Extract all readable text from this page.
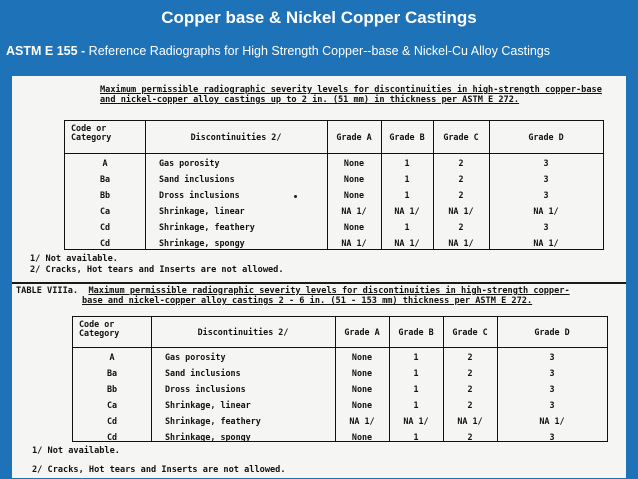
Copper base & Nickel Copper Castings
ASTM E 155 - Reference Radiographs for High Strength Copper--base & Nickel-Cu Alloy Castings
Maximum permissible radiographic severity levels for discontinuities in high-strength copper-base
and nickel-copper alloy castings up to 2 in. (51 mm) in thickness per ASTM E 272.
Code or
Category	Discontinuities 2/	Grade A	Grade B	Grade C	Grade D
A	Gas porosity	None	1	2	3
Ba	Sand inclusions	None	1	2	3
Bb	Dross inclusions	None	1	2	3
Ca	Shrinkage, linear	NA 1/	NA 1/	NA 1/	NA 1/
Cd	Shrinkage, feathery	None	1	2	3
Cd	Shrinkage, spongy	NA 1/	NA 1/	NA 1/	NA 1/
1/ Not available.
2/ Cracks, Hot tears and Inserts are not allowed.
TABLE VIIIa. Maximum permissible radiographic severity levels for discontinuities in high-strength copper-
base and nickel-copper alloy castings 2 - 6 in. (51 - 153 mm) thickness per ASTM E 272.
Code or
Category	Discontinuities 2/	Grade A	Grade B	Grade C	Grade D
A	Gas porosity	None	1	2	3
Ba	Sand inclusions	None	1	2	3
Bb	Dross inclusions	None	1	2	3
Ca	Shrinkage, linear	None	1	2	3
Cd	Shrinkage, feathery	NA 1/	NA 1/	NA 1/	NA 1/
Cd	Shrinkage, spongy	None	1	2	3
1/ Not available.
2/ Cracks, Hot tears and Inserts are not allowed.
